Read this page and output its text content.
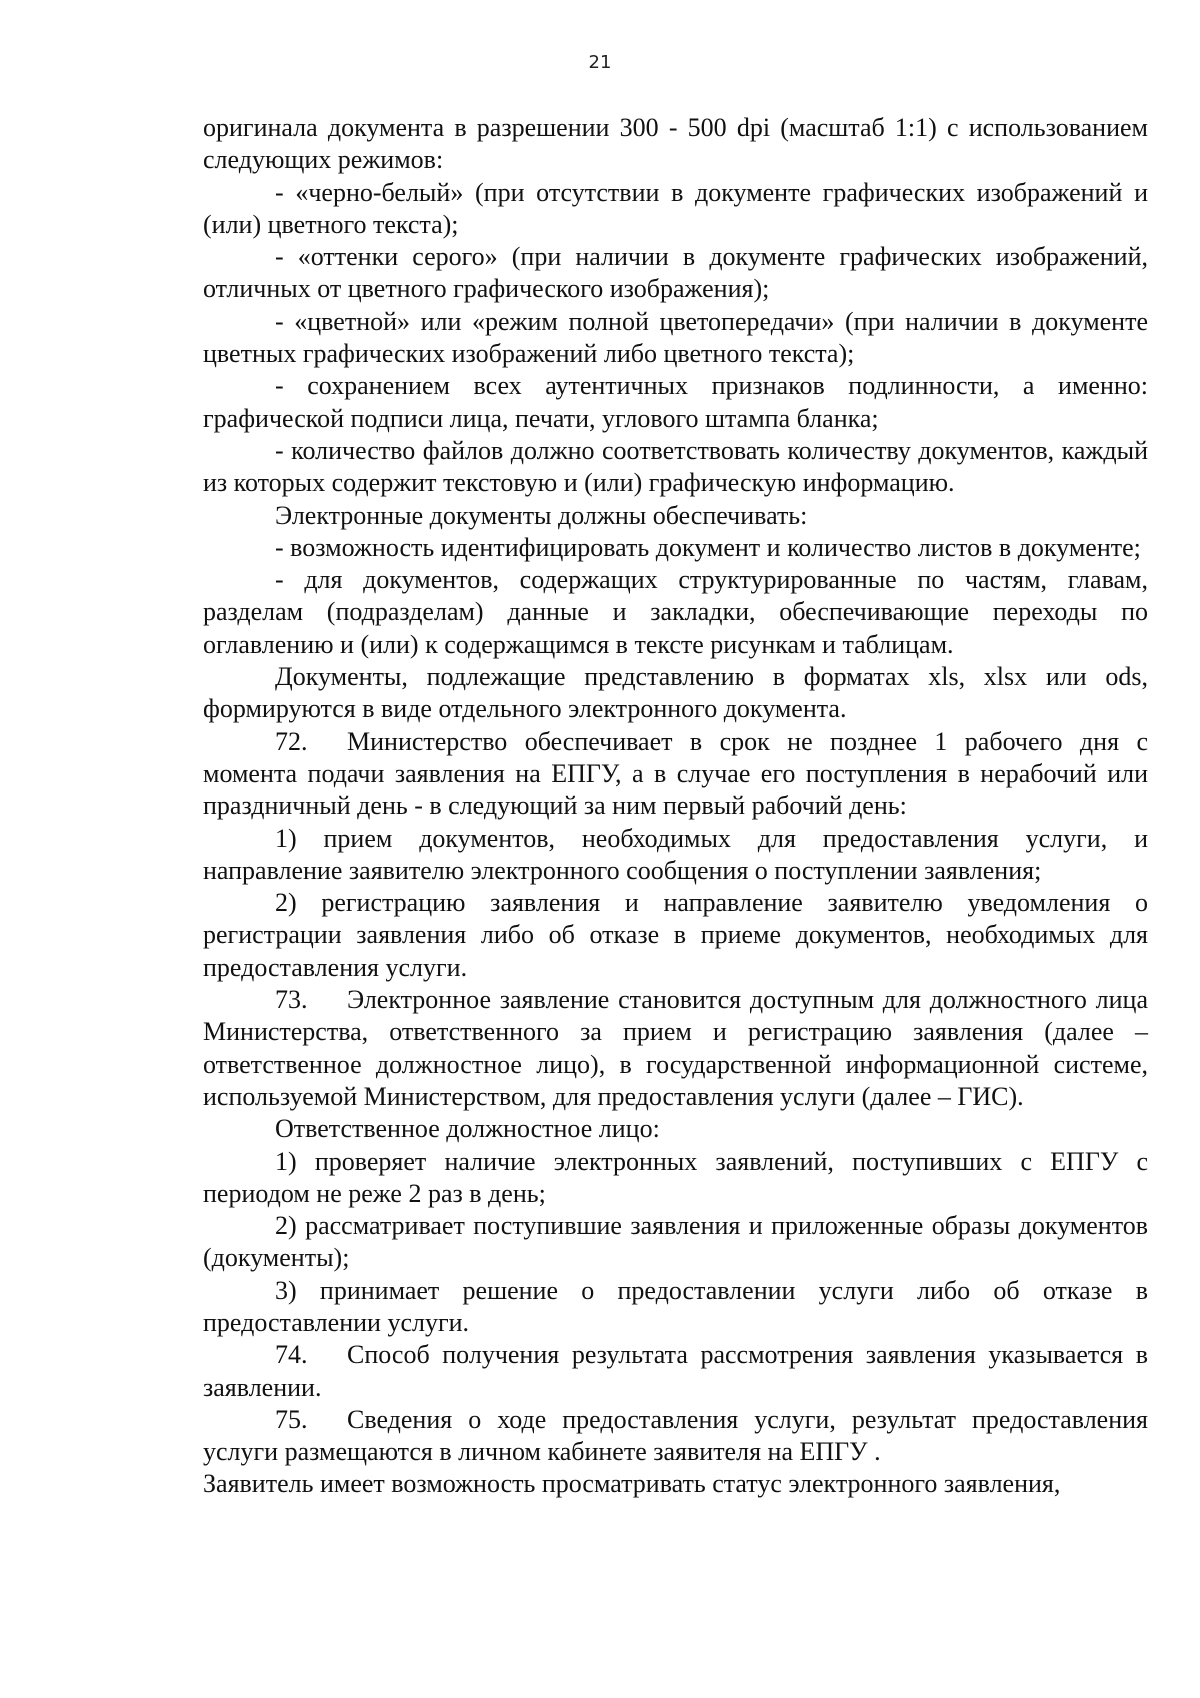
21

оригинала документа в разрешении 300 - 500 dpi (масштаб 1:1) с использованием следующих режимов:

- «черно-белый» (при отсутствии в документе графических изображений и (или) цветного текста);

- «оттенки серого» (при наличии в документе графических изображений, отличных от цветного графического изображения);

- «цветной» или «режим полной цветопередачи» (при наличии в документе цветных графических изображений либо цветного текста);

- сохранением всех аутентичных признаков подлинности, а именно: графической подписи лица, печати, углового штампа бланка;

- количество файлов должно соответствовать количеству документов, каждый из которых содержит текстовую и (или) графическую информацию.

Электронные документы должны обеспечивать:

- возможность идентифицировать документ и количество листов в документе;

- для документов, содержащих структурированные по частям, главам, разделам (подразделам) данные и закладки, обеспечивающие переходы по оглавлению и (или) к содержащимся в тексте рисункам и таблицам.

Документы, подлежащие представлению в форматах xls, xlsx или ods, формируются в виде отдельного электронного документа.

72. Министерство обеспечивает в срок не позднее 1 рабочего дня с момента подачи заявления на ЕПГУ, а в случае его поступления в нерабочий или праздничный день - в следующий за ним первый рабочий день:

1) прием документов, необходимых для предоставления услуги, и направление заявителю электронного сообщения о поступлении заявления;

2) регистрацию заявления и направление заявителю уведомления о регистрации заявления либо об отказе в приеме документов, необходимых для предоставления услуги.

73. Электронное заявление становится доступным для должностного лица Министерства, ответственного за прием и регистрацию заявления (далее – ответственное должностное лицо), в государственной информационной системе, используемой Министерством, для предоставления услуги (далее – ГИС).

Ответственное должностное лицо:

1) проверяет наличие электронных заявлений, поступивших с ЕПГУ с периодом не реже 2 раз в день;

2) рассматривает поступившие заявления и приложенные образы документов (документы);

3) принимает решение о предоставлении услуги либо об отказе в предоставлении услуги.

74. Способ получения результата рассмотрения заявления указывается в заявлении.

75. Сведения о ходе предоставления услуги, результат предоставления услуги размещаются в личном кабинете заявителя на ЕПГУ .

Заявитель имеет возможность просматривать статус электронного заявления,
